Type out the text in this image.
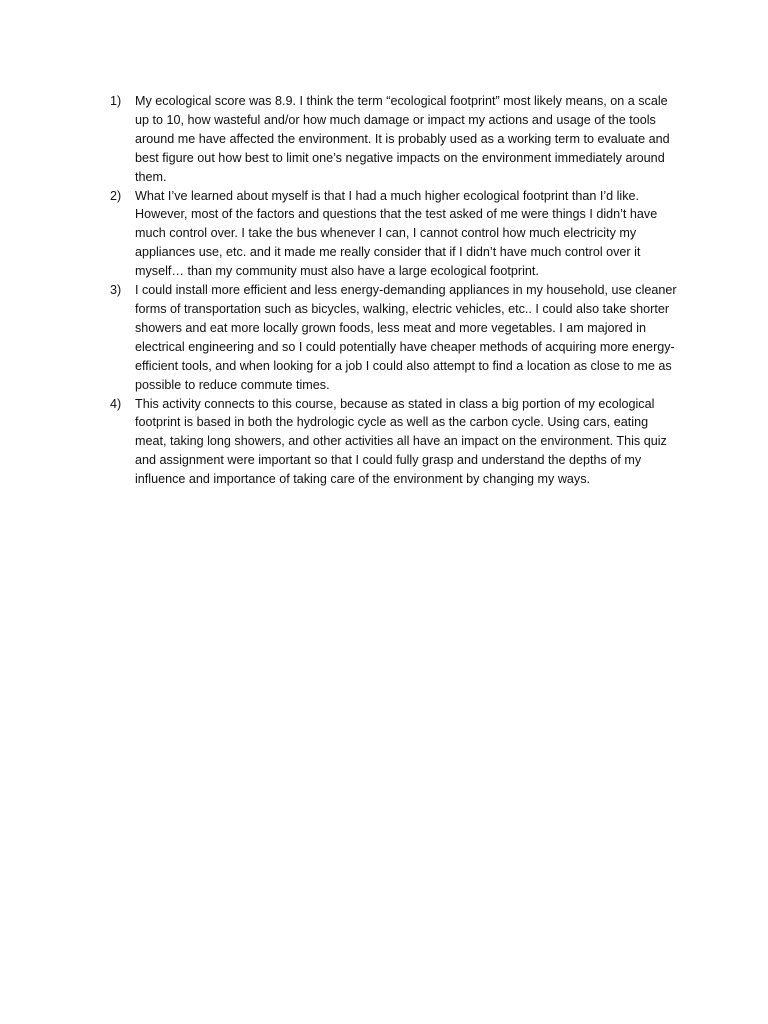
1)	My ecological score was 8.9. I think the term “ecological footprint” most likely means, on a scale up to 10, how wasteful and/or how much damage or impact my actions and usage of the tools around me have affected the environment. It is probably used as a working term to evaluate and best figure out how best to limit one’s negative impacts on the environment immediately around them.
2)	What I’ve learned about myself is that I had a much higher ecological footprint than I’d like. However, most of the factors and questions that the test asked of me were things I didn’t have much control over. I take the bus whenever I can, I cannot control how much electricity my appliances use, etc. and it made me really consider that if I didn’t have much control over it myself… than my community must also have a large ecological footprint.
3)	I could install more efficient and less energy-demanding appliances in my household, use cleaner forms of transportation such as bicycles, walking, electric vehicles, etc.. I could also take shorter showers and eat more locally grown foods, less meat and more vegetables. I am majored in electrical engineering and so I could potentially have cheaper methods of acquiring more energy-efficient tools, and when looking for a job I could also attempt to find a location as close to me as possible to reduce commute times.
4)	This activity connects to this course, because as stated in class a big portion of my ecological footprint is based in both the hydrologic cycle as well as the carbon cycle. Using cars, eating meat, taking long showers, and other activities all have an impact on the environment. This quiz and assignment were important so that I could fully grasp and understand the depths of my influence and importance of taking care of the environment by changing my ways.
